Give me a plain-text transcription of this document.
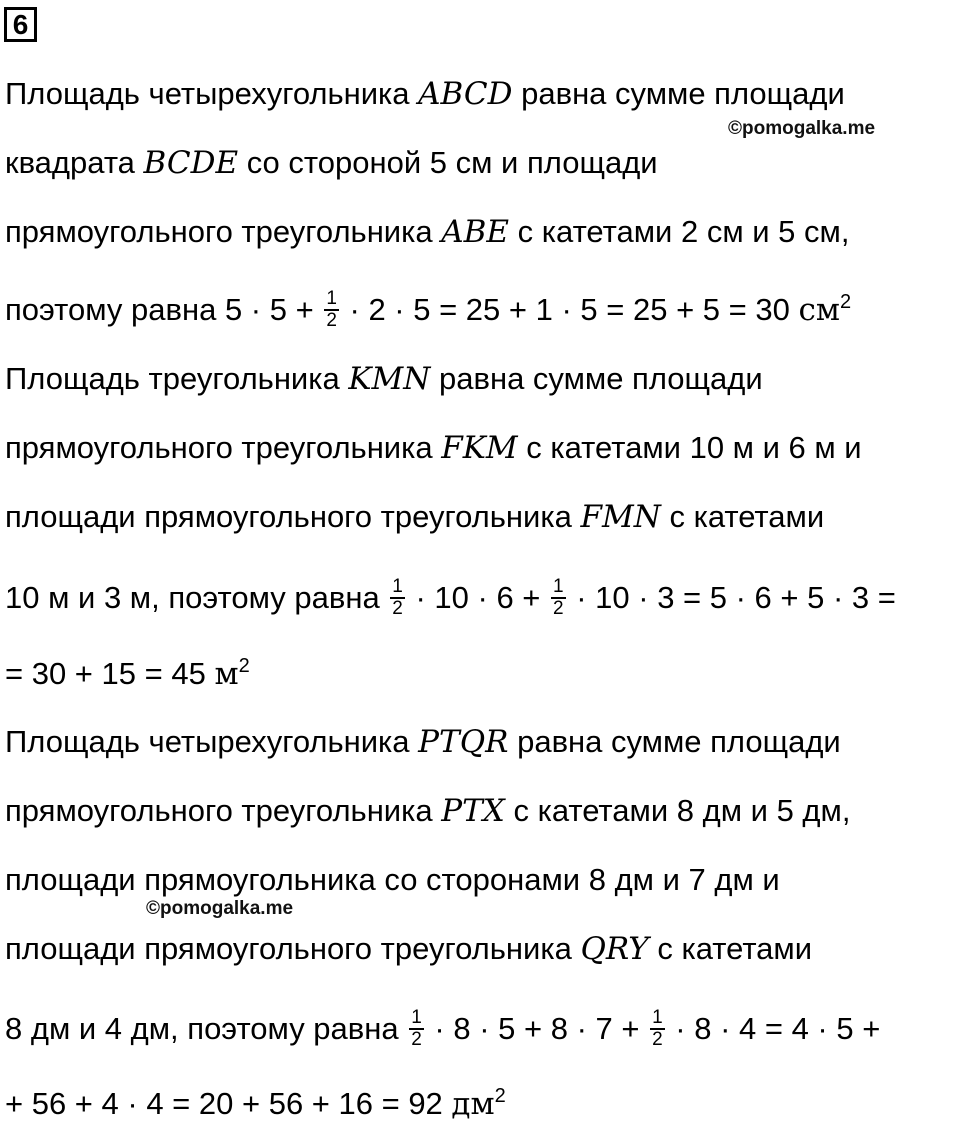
6
Площадь четырехугольника ABCD равна сумме площади
квадрата BCDE со стороной 5 см и площади
прямоугольного треугольника ABE с катетами 2 см и 5 см,
поэтому равна $5 \cdot 5 + \frac{1}{2} \cdot 2 \cdot 5 = 25 + 1 \cdot 5 = 25 + 5 = 30$ $см^2$
Площадь треугольника KMN равна сумме площади
прямоугольного треугольника FKM с катетами 10 м и 6 м и
площади прямоугольного треугольника FMN с катетами
10 м и 3 м, поэтому равна $\frac{1}{2} \cdot 10 \cdot 6 + \frac{1}{2} \cdot 10 \cdot 3 = 5 \cdot 6 + 5 \cdot 3$ =
= 30 + 15 = 45 $м^2$
Площадь четырехугольника PTQR равна сумме площади
прямоугольного треугольника PTX с катетами 8 дм и 5 дм,
площади прямоугольника со сторонами 8 дм и 7 дм и
площади прямоугольного треугольника QRY с катетами
8 дм и 4 дм, поэтому равна $\frac{1}{2} \cdot 8 \cdot 5 + 8 \cdot 7 + \frac{1}{2} \cdot 8 \cdot 4 = 4 \cdot 5$ +
+ 56 + 4 · 4 = 20 + 56 + 16 = 92 $дм^2$
©pomogalka.me
©pomogalka.me
